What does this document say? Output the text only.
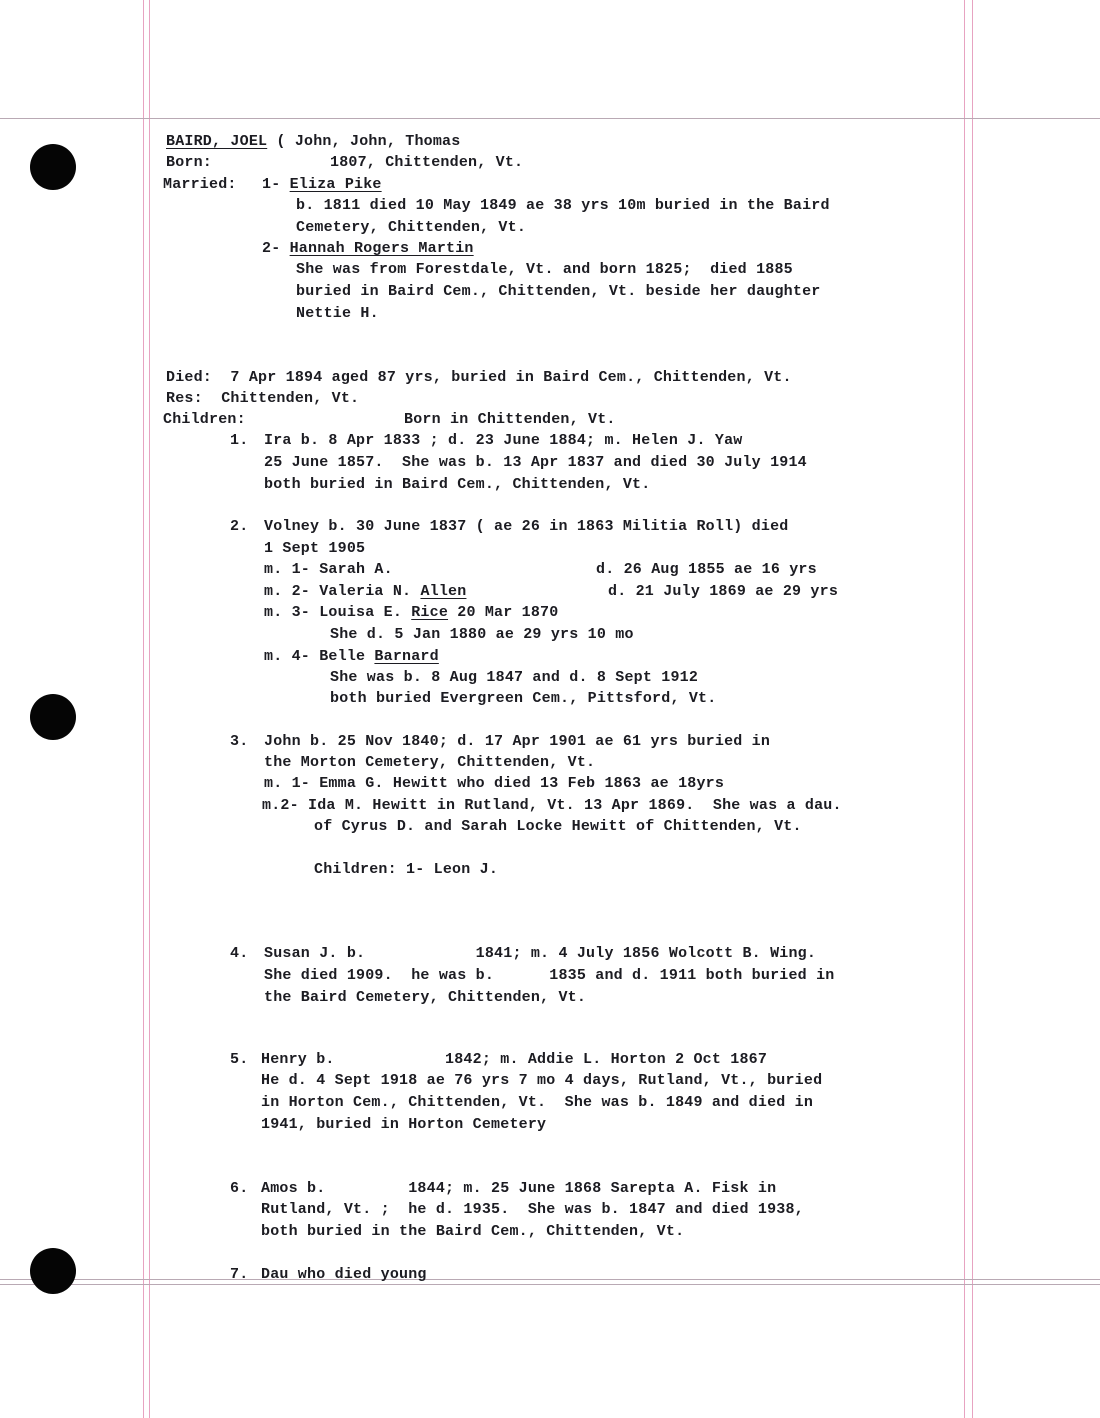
BAIRD, JOEL ( John, John, Thomas
Born:	1807, Chittenden, Vt.
Married: 1- Eliza Pike
b. 1811 died 10 May 1849 ae 38 yrs 10m buried in the Baird
Cemetery, Chittenden, Vt.
2- Hannah Rogers Martin
She was from Forestdale, Vt. and born 1825;  died 1885
buried in Baird Cem., Chittenden, Vt. beside her daughter
Nettie H.
Died: 7 Apr 1894 aged 87 yrs, buried in Baird Cem., Chittenden, Vt.
Res: Chittenden, Vt.
Children:	Born in Chittenden, Vt.
1. Ira b. 8 Apr 1833 ; d. 23 June 1884; m. Helen J. Yaw
25 June 1857.  She was b. 13 Apr 1837 and died 30 July 1914
both buried in Baird Cem., Chittenden, Vt.
2. Volney b. 30 June 1837 ( ae 26 in 1863 Militia Roll) died
1 Sept 1905
m. 1- Sarah A.	d. 26 Aug 1855 ae 16 yrs
m. 2- Valeria N. Allen	d. 21 July 1869 ae 29 yrs
m. 3- Louisa E. Rice 20 Mar 1870
She d. 5 Jan 1880 ae 29 yrs 10 mo
m. 4- Belle Barnard
She was b. 8 Aug 1847 and d. 8 Sept 1912
both buried Evergreen Cem., Pittsford, Vt.
3. John b. 25 Nov 1840; d. 17 Apr 1901 ae 61 yrs buried in
the Morton Cemetery, Chittenden, Vt.
m. 1- Emma G. Hewitt who died 13 Feb 1863 ae 18yrs
m.2- Ida M. Hewitt in Rutland, Vt. 13 Apr 1869.  She was a dau.
of Cyrus D. and Sarah Locke Hewitt of Chittenden, Vt.
Children: 1- Leon J.
4. Susan J. b.            1841; m. 4 July 1856 Wolcott B. Wing.
She died 1909.  he was b.      1835 and d. 1911 both buried in
the Baird Cemetery, Chittenden, Vt.
5. Henry b.            1842; m. Addie L. Horton 2 Oct 1867
He d. 4 Sept 1918 ae 76 yrs 7 mo 4 days, Rutland, Vt., buried
in Horton Cem., Chittenden, Vt.  She was b. 1849 and died in
1941, buried in Horton Cemetery
6. Amos b.         1844; m. 25 June 1868 Sarepta A. Fisk in
Rutland, Vt. ;  he d. 1935.  She was b. 1847 and died 1938,
both buried in the Baird Cem., Chittenden, Vt.
7. Dau who died young
